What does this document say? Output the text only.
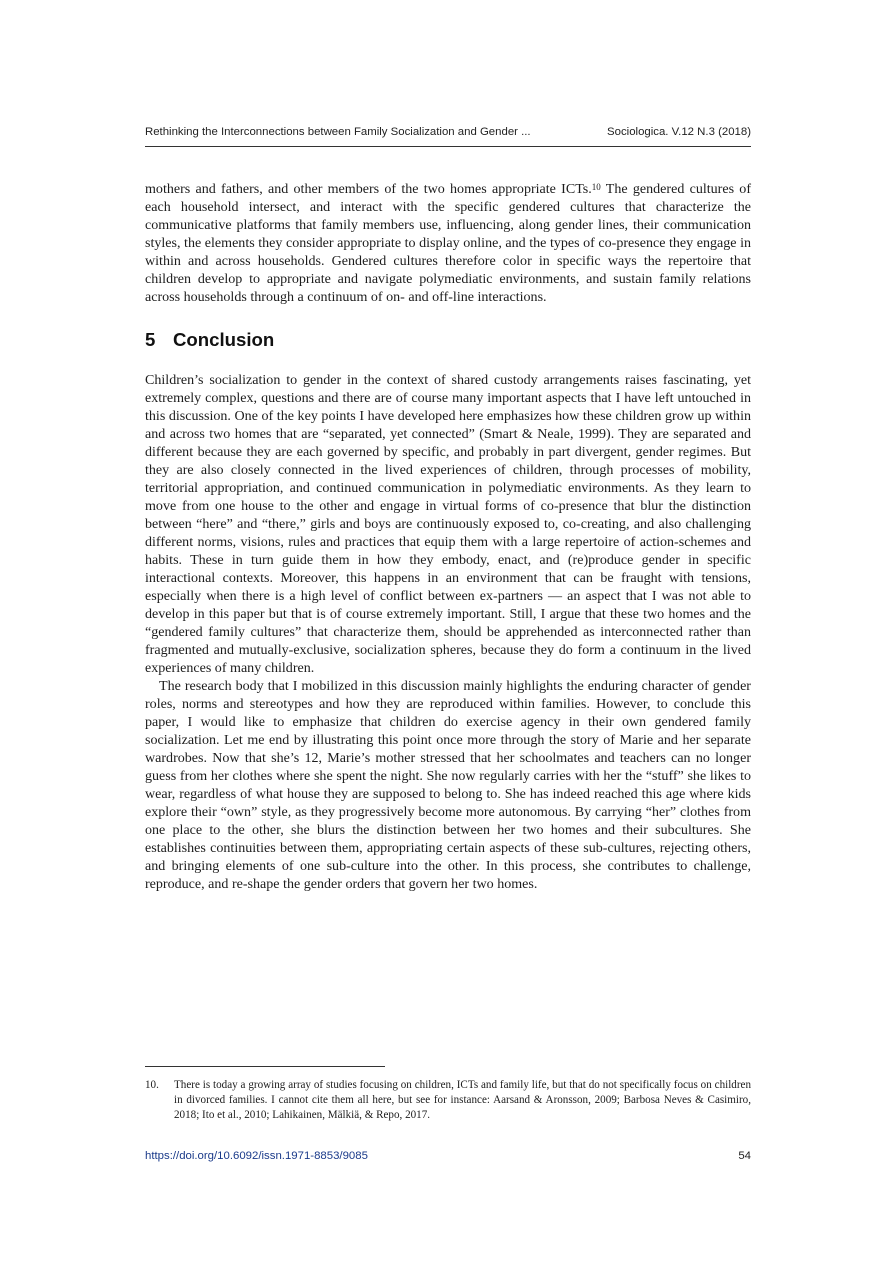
Rethinking the Interconnections between Family Socialization and Gender ...	Sociologica. V.12 N.3 (2018)

mothers and fathers, and other members of the two homes appropriate ICTs.$^{10}$ The gendered cultures of each household intersect, and interact with the specific gendered cultures that characterize the communicative platforms that family members use, influencing, along gender lines, their communication styles, the elements they consider appropriate to display online, and the types of co-presence they engage in within and across households. Gendered cultures therefore color in specific ways the repertoire that children develop to appropriate and navigate polymediatic environments, and sustain family relations across households through a continuum of on- and off-line interactions.

5 Conclusion

Children’s socialization to gender in the context of shared custody arrangements raises fascinating, yet extremely complex, questions and there are of course many important aspects that I have left untouched in this discussion. One of the key points I have developed here emphasizes how these children grow up within and across two homes that are “separated, yet connected” (Smart & Neale, 1999). They are separated and different because they are each governed by specific, and probably in part divergent, gender regimes. But they are also closely connected in the lived experiences of children, through processes of mobility, territorial appropriation, and continued communication in polymediatic environments. As they learn to move from one house to the other and engage in virtual forms of co-presence that blur the distinction between “here” and “there,” girls and boys are continuously exposed to, co-creating, and also challenging different norms, visions, rules and practices that equip them with a large repertoire of action-schemes and habits. These in turn guide them in how they embody, enact, and (re)produce gender in specific interactional contexts. Moreover, this happens in an environment that can be fraught with tensions, especially when there is a high level of conflict between ex-partners — an aspect that I was not able to develop in this paper but that is of course extremely important. Still, I argue that these two homes and the “gendered family cultures” that characterize them, should be apprehended as interconnected rather than fragmented and mutually-exclusive, socialization spheres, because they do form a continuum in the lived experiences of many children.

The research body that I mobilized in this discussion mainly highlights the enduring character of gender roles, norms and stereotypes and how they are reproduced within families. However, to conclude this paper, I would like to emphasize that children do exercise agency in their own gendered family socialization. Let me end by illustrating this point once more through the story of Marie and her separate wardrobes. Now that she’s 12, Marie’s mother stressed that her schoolmates and teachers can no longer guess from her clothes where she spent the night. She now regularly carries with her the “stuff” she likes to wear, regardless of what house they are supposed to belong to. She has indeed reached this age where kids explore their “own” style, as they progressively become more autonomous. By carrying “her” clothes from one place to the other, she blurs the distinction between her two homes and their subcultures. She establishes continuities between them, appropriating certain aspects of these sub-cultures, rejecting others, and bringing elements of one sub-culture into the other. In this process, she contributes to challenge, reproduce, and re-shape the gender orders that govern her two homes.

10.	There is today a growing array of studies focusing on children, ICTs and family life, but that do not specifically focus on children in divorced families. I cannot cite them all here, but see for instance: Aarsand & Aronsson, 2009; Barbosa Neves & Casimiro, 2018; Ito et al., 2010; Lahikainen, Mälkiä, & Repo, 2017.
https://doi.org/10.6092/issn.1971-8853/9085	54
